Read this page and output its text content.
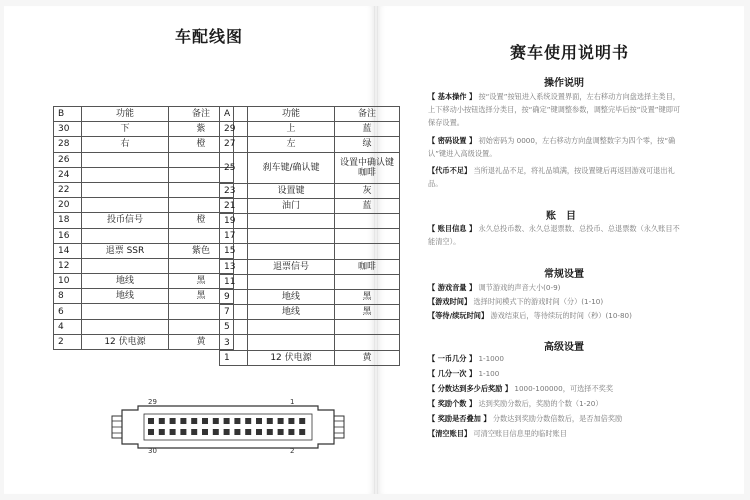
车配线图
B	功能	备注
30	下	紫
28	右	橙
26		
24		
22		
20		
18	投币信号	橙
16		
14	退票 SSR	紫色
12		
10	地线	黑
8	地线	黑
6		
4		
2	12 伏电源	黄
A	功能	备注
29	上	蓝
27	左	绿
25	刹车键/确认键	设置中确认键
咖啡
23	设置键	灰
21	油门	蓝
19		
17		
15		
13	退票信号	咖啡
11		
9	地线	黑
7	地线	黑
5		
3		
1	12 伏电源	黄
29	1
30	2
赛车使用说明书
操作说明
【 基本操作 】 按“设置”按钮进入系统设置界面，左右移动方向盘选择主类目，上下移动小按钮选择分类目，按“确定”键调整参数，调整完毕后按“设置”键即可保存设置。
【 密码设置 】 初始密码为 0000，左右移动方向盘调整数字为四个零，按“确认”键进入高级设置。
【代币不足】 当所退礼品不足，将礼品填满，按设置键后再返回游戏可退出礼品。
账　目
【 账目信息 】 永久总投币数、永久总退票数、总投币、总退票数（永久账目不能清空）。
常规设置
【 游戏音量 】 调节游戏的声音大小(0-9)
【游戏时间】 选择时间模式下的游戏时间（分）(1-10)
【等待/续玩时间】 游戏结束后，等待续玩的时间（秒）(10-80)
高级设置
【 一币几分 】 1-1000
【 几分一次 】 1-100
【 分数达到多少后奖励 】 1000-100000，可选择不奖奖
【 奖励个数 】 达到奖励分数后，奖励的个数（1-20）
【 奖励是否叠加 】 分数达到奖励分数倍数后，是否加倍奖励
【清空账目】 可清空账目信息里的临时账目
